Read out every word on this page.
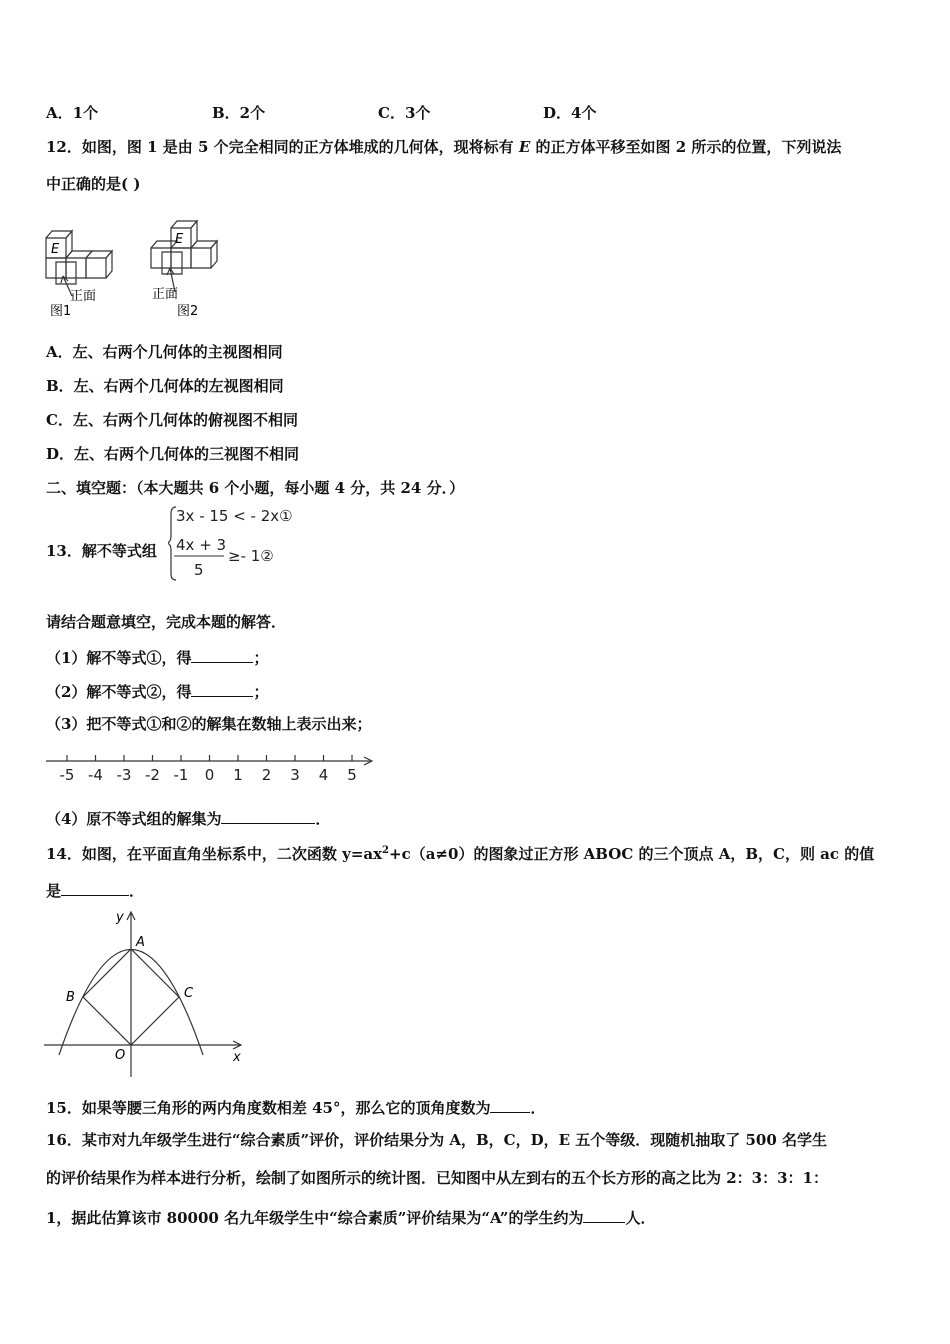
A．1个	B．2个	C．3个	D．4个
12．如图，图 1 是由 5 个完全相同的正方体堆成的几何体，现将标有 E 的正方体平移至如图 2 所示的位置，下列说法
中正确的是( )
E
正面
图1
E
正面
图2
A．左、右两个几何体的主视图相同
B．左、右两个几何体的左视图相同
C．左、右两个几何体的俯视图不相同
D．左、右两个几何体的三视图不相同
二、填空题：（本大题共 6 个小题，每小题 4 分，共 24 分．）
13．解不等式组
3x - 15 < - 2x①
4x + 3
5
≥- 1②
请结合题意填空，完成本题的解答．
（1）解不等式①，得	；
（2）解不等式②，得	；
（3）把不等式①和②的解集在数轴上表示出来；
-5 -4 -3 -2 -1 0 1 2 3 4 5
（4）原不等式组的解集为	．
14．如图，在平面直角坐标系中，二次函数 $y=ax^2+c(a\ne 0)$的图象过正方形 ABOC 的三个顶点 A，B，C，则 ac 的值
是	．
y
x
A
B	C
O
15．如果等腰三角形的两内角度数相差 45°，那么它的顶角度数为	．
16．某市对九年级学生进行“综合素质”评价，评价结果分为 A，B，C，D，E 五个等级．现随机抽取了 500 名学生
的评价结果作为样本进行分析，绘制了如图所示的统计图．已知图中从左到右的五个长方形的高之比为 2：3：3：1：
1，据此估算该市 80000 名九年级学生中“综合素质”评价结果为“A”的学生约为	人．
